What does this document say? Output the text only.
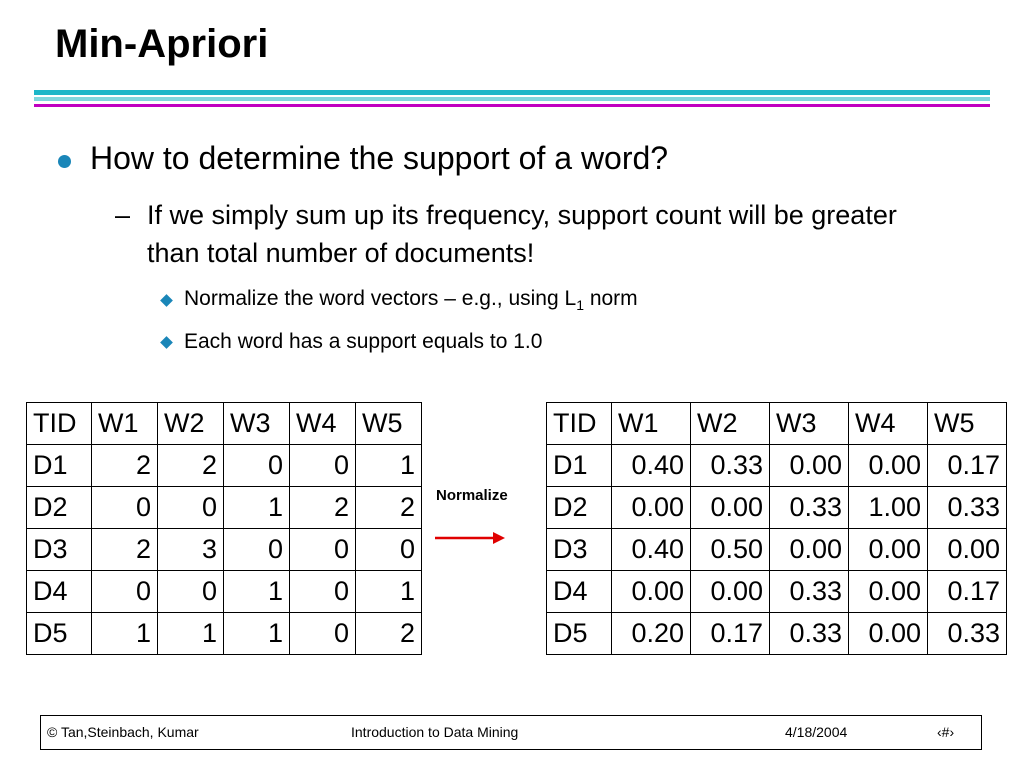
Min-Apriori
How to determine the support of a word?
– If we simply sum up its frequency, support count will be greater than total number of documents!
Normalize the word vectors – e.g., using $L_1$ norm
Each word has a support equals to 1.0
TID	W1	W2	W3	W4	W5
D1	2	2	0	0	1
D2	0	0	1	2	2
D3	2	3	0	0	0
D4	0	0	1	0	1
D5	1	1	1	0	2
Normalize
TID	W1	W2	W3	W4	W5
D1	0.40	0.33	0.00	0.00	0.17
D2	0.00	0.00	0.33	1.00	0.33
D3	0.40	0.50	0.00	0.00	0.00
D4	0.00	0.00	0.33	0.00	0.17
D5	0.20	0.17	0.33	0.00	0.33
© Tan,Steinbach, Kumar	Introduction to Data Mining	4/18/2004	‹#›
